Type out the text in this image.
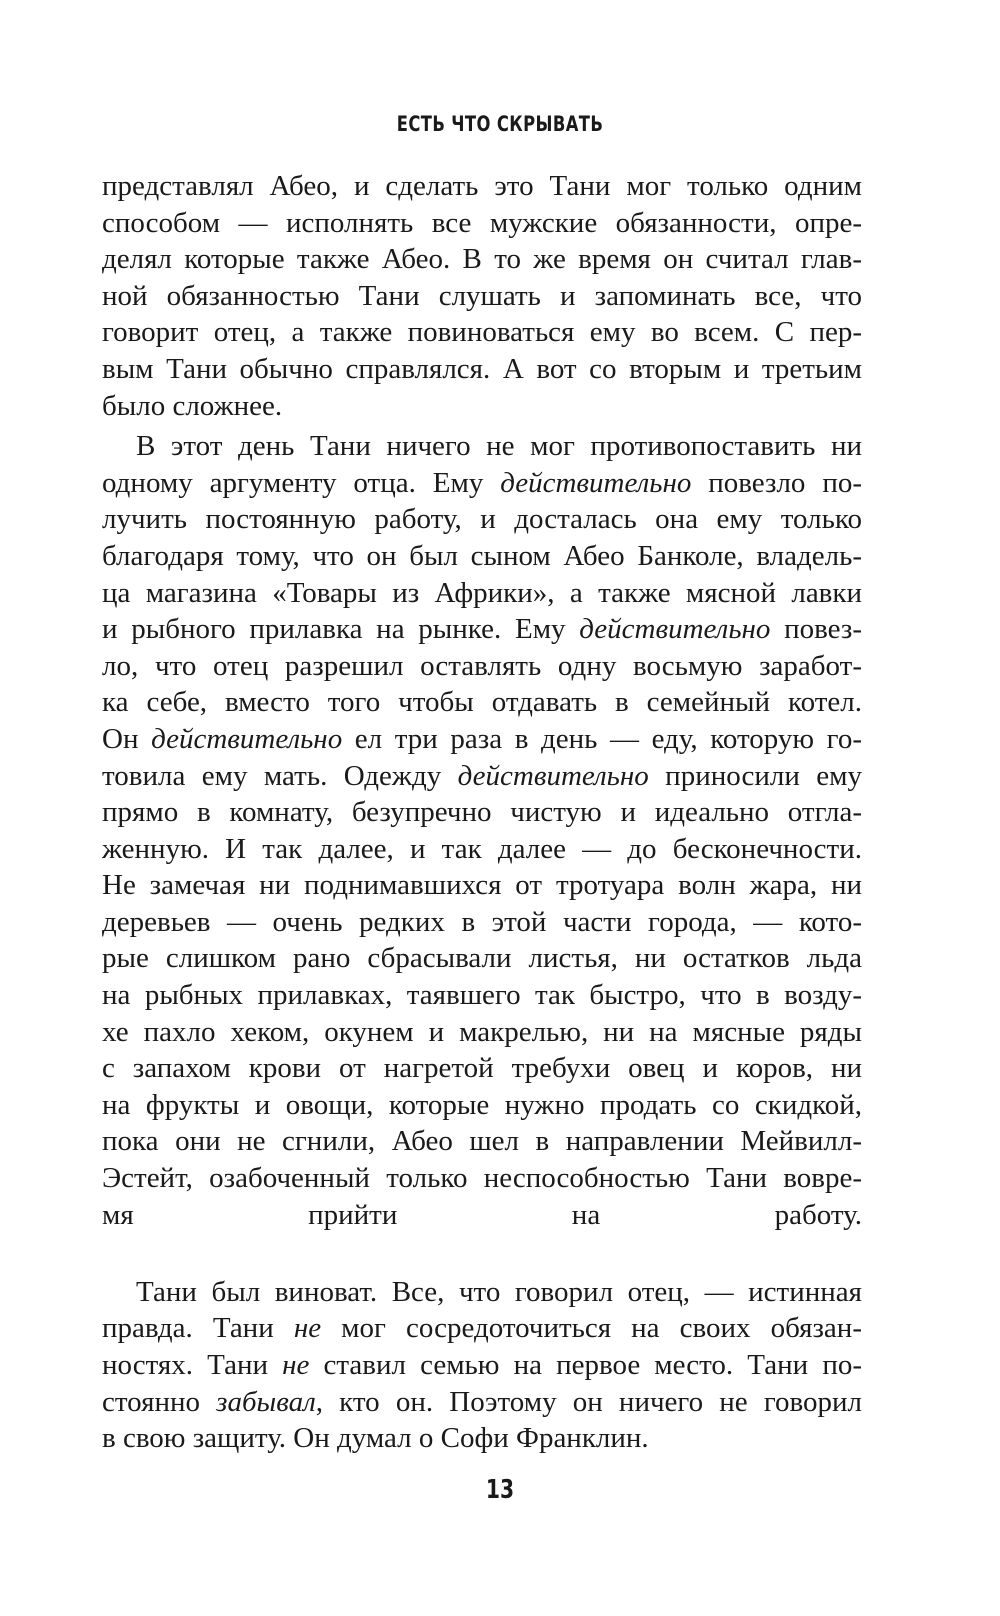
ЕСТЬ ЧТО СКРЫВАТЬ
представлял Абео, и сделать это Тани мог только одним
способом — исполнять все мужские обязанности, опре-
делял которые также Абео. В то же время он считал глав-
ной обязанностью Тани слушать и запоминать все, что
говорит отец, а также повиноваться ему во всем. С пер-
вым Тани обычно справлялся. А вот со вторым и третьим
было сложнее.
В этот день Тани ничего не мог противопоставить ни
одному аргументу отца. Ему действительно повезло по-
лучить постоянную работу, и досталась она ему только
благодаря тому, что он был сыном Абео Банколе, владель-
ца магазина «Товары из Африки», а также мясной лавки
и рыбного прилавка на рынке. Ему действительно повез-
ло, что отец разрешил оставлять одну восьмую заработ-
ка себе, вместо того чтобы отдавать в семейный котел.
Он действительно ел три раза в день — еду, которую го-
товила ему мать. Одежду действительно приносили ему
прямо в комнату, безупречно чистую и идеально отгла-
женную. И так далее, и так далее — до бесконечности.
Не замечая ни поднимавшихся от тротуара волн жара, ни
деревьев — очень редких в этой части города, — кото-
рые слишком рано сбрасывали листья, ни остатков льда
на рыбных прилавках, таявшего так быстро, что в возду-
хе пахло хеком, окунем и макрелью, ни на мясные ряды
с запахом крови от нагретой требухи овец и коров, ни
на фрукты и овощи, которые нужно продать со скидкой,
пока они не сгнили, Абео шел в направлении Мейвилл-
Эстейт, озабоченный только неспособностью Тани вовре-
мя прийти на работу.
Тани был виноват. Все, что говорил отец, — истинная
правда. Тани не мог сосредоточиться на своих обязан-
ностях. Тани не ставил семью на первое место. Тани по-
стоянно забывал, кто он. Поэтому он ничего не говорил
в свою защиту. Он думал о Софи Франклин.
13
